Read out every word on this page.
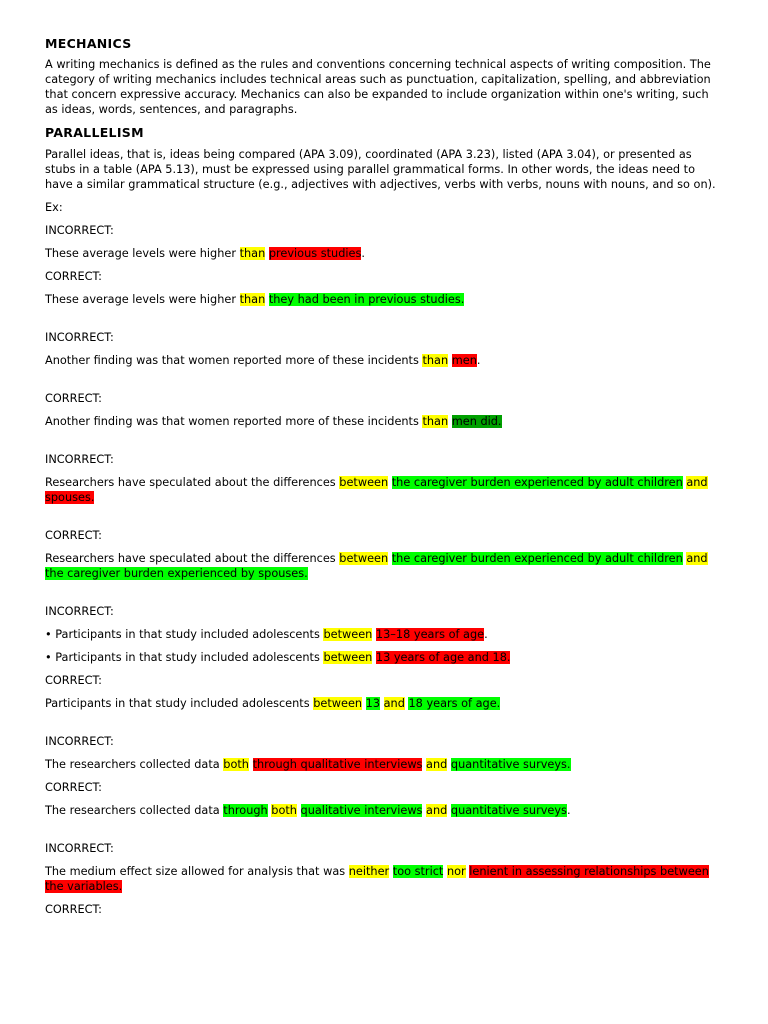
MECHANICS

A writing mechanics is defined as the rules and conventions concerning technical aspects of writing composition. The category of writing mechanics includes technical areas such as punctuation, capitalization, spelling, and abbreviation that concern expressive accuracy. Mechanics can also be expanded to include organization within one's writing, such as ideas, words, sentences, and paragraphs.

PARALLELISM

Parallel ideas, that is, ideas being compared (APA 3.09), coordinated (APA 3.23), listed (APA 3.04), or presented as stubs in a table (APA 5.13), must be expressed using parallel grammatical forms. In other words, the ideas need to have a similar grammatical structure (e.g., adjectives with adjectives, verbs with verbs, nouns with nouns, and so on).

Ex:

INCORRECT:

These average levels were higher than previous studies.

CORRECT:

These average levels were higher than they had been in previous studies.

INCORRECT:

Another finding was that women reported more of these incidents than men.

CORRECT:

Another finding was that women reported more of these incidents than men did.

INCORRECT:

Researchers have speculated about the differences between the caregiver burden experienced by adult children and spouses.

CORRECT:

Researchers have speculated about the differences between the caregiver burden experienced by adult children and the caregiver burden experienced by spouses.

INCORRECT:

• Participants in that study included adolescents between 13–18 years of age.

• Participants in that study included adolescents between 13 years of age and 18.

CORRECT:

Participants in that study included adolescents between 13 and 18 years of age.

INCORRECT:

The researchers collected data both through qualitative interviews and quantitative surveys.

CORRECT:

The researchers collected data through both qualitative interviews and quantitative surveys.

INCORRECT:

The medium effect size allowed for analysis that was neither too strict nor lenient in assessing relationships between the variables.

CORRECT:
